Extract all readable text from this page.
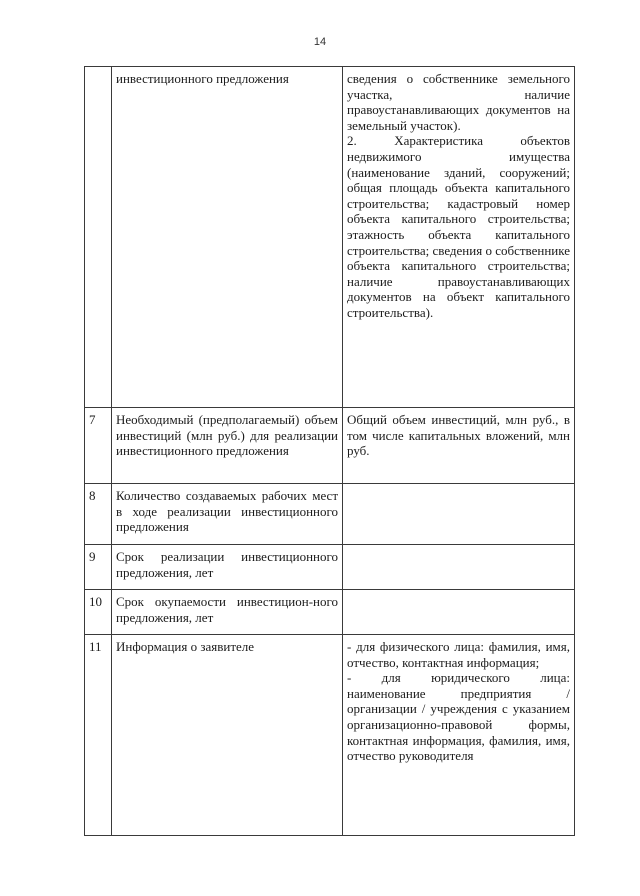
14
	инвестиционного предложения	сведения о собственнике земельного участка, наличие правоустанавливающих документов на земельный участок).
2. Характеристика объектов недвижимого имущества (наименование зданий, сооружений; общая площадь объекта капитального строительства; кадастровый номер объекта капитального строительства; этажность объекта капитального строительства; сведения о собственнике объекта капитального строительства; наличие правоустанавливающих документов на объект капитального строительства).

7	Необходимый (предполагаемый) объем инвестиций (млн руб.) для реализации инвестиционного предложения	Общий объем инвестиций, млн руб., в том числе капитальных вложений, млн руб.

8	Количество создаваемых рабочих мест в ходе реализации инвестиционного предложения	
9	Срок реализации инвестиционного предложения, лет	
10	Срок окупаемости инвестицион-ного предложения, лет	
11	Информация о заявителе	- для физического лица: фамилия, имя, отчество, контактная информация;
- для юридического лица: наименование предприятия / организации / учреждения с указанием организационно-правовой формы, контактная информация, фамилия, имя, отчество руководителя
